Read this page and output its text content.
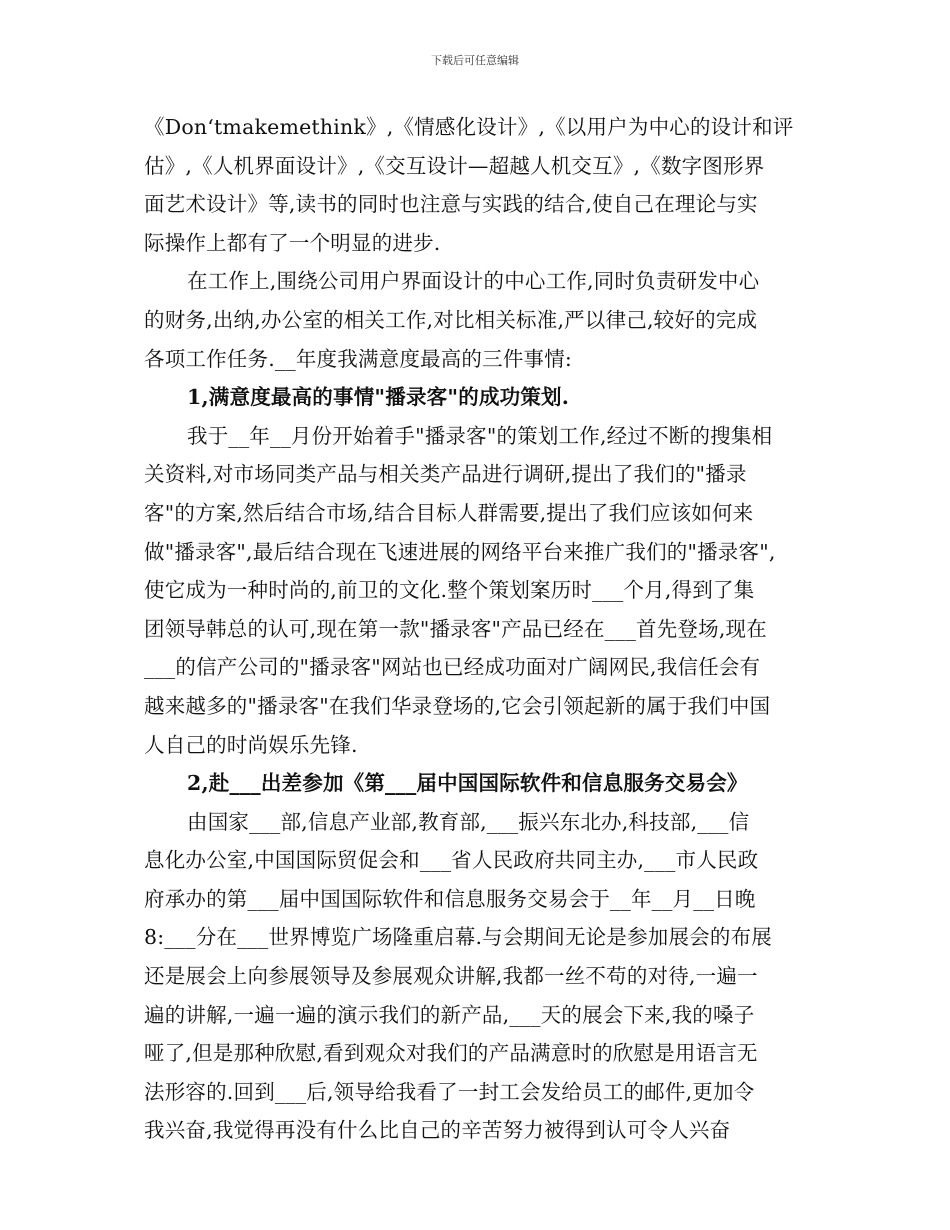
下载后可任意编辑
《Don‘tmakemethink》,《情感化设计》,《以用户为中心的设计和评
估》,《人机界面设计》,《交互设计—超越人机交互》,《数字图形界
面艺术设计》等,读书的同时也注意与实践的结合,使自己在理论与实
际操作上都有了一个明显的进步.
在工作上,围绕公司用户界面设计的中心工作,同时负责研发中心
的财务,出纳,办公室的相关工作,对比相关标准,严以律己,较好的完成
各项工作任务.__年度我满意度最高的三件事情:
1,满意度最高的事情"播录客"的成功策划.
我于__年__月份开始着手"播录客"的策划工作,经过不断的搜集相
关资料,对市场同类产品与相关类产品进行调研,提出了我们的"播录
客"的方案,然后结合市场,结合目标人群需要,提出了我们应该如何来
做"播录客",最后结合现在飞速进展的网络平台来推广我们的"播录客",
使它成为一种时尚的,前卫的文化.整个策划案历时___个月,得到了集
团领导韩总的认可,现在第一款"播录客"产品已经在___首先登场,现在
___的信产公司的"播录客"网站也已经成功面对广阔网民,我信任会有
越来越多的"播录客"在我们华录登场的,它会引领起新的属于我们中国
人自己的时尚娱乐先锋.
2,赴___出差参加《第___届中国国际软件和信息服务交易会》
由国家___部,信息产业部,教育部,___振兴东北办,科技部,___信
息化办公室,中国国际贸促会和___省人民政府共同主办,___市人民政
府承办的第___届中国国际软件和信息服务交易会于__年__月__日晚
8:___分在___世界博览广场隆重启幕.与会期间无论是参加展会的布展
还是展会上向参展领导及参展观众讲解,我都一丝不苟的对待,一遍一
遍的讲解,一遍一遍的演示我们的新产品,___天的展会下来,我的嗓子
哑了,但是那种欣慰,看到观众对我们的产品满意时的欣慰是用语言无
法形容的.回到___后,领导给我看了一封工会发给员工的邮件,更加令
我兴奋,我觉得再没有什么比自己的辛苦努力被得到认可令人兴奋
